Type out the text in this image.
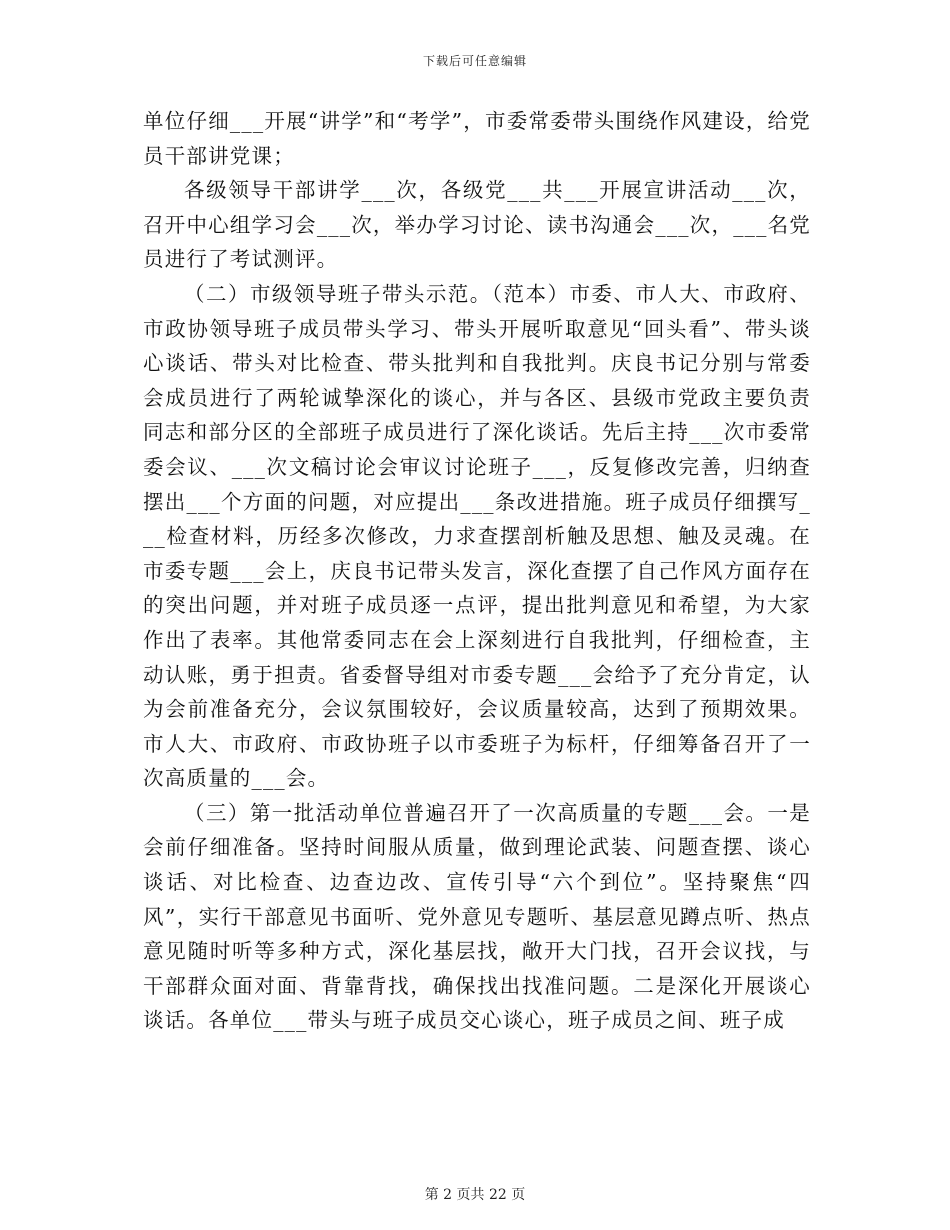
下载后可任意编辑

单位仔细___开展“讲学”和“考学”，市委常委带头围绕作风建设，给党员干部讲党课；

各级领导干部讲学___次，各级党___共___开展宣讲活动___次，召开中心组学习会___次，举办学习讨论、读书沟通会___次，___名党员进行了考试测评。

（二）市级领导班子带头示范。（范本）市委、市人大、市政府、市政协领导班子成员带头学习、带头开展听取意见“回头看”、带头谈心谈话、带头对比检查、带头批判和自我批判。庆良书记分别与常委会成员进行了两轮诚挚深化的谈心，并与各区、县级市党政主要负责同志和部分区的全部班子成员进行了深化谈话。先后主持___次市委常委会议、___次文稿讨论会审议讨论班子___，反复修改完善，归纳查摆出___个方面的问题，对应提出___条改进措施。班子成员仔细撰写___检查材料，历经多次修改，力求查摆剖析触及思想、触及灵魂。在市委专题___会上，庆良书记带头发言，深化查摆了自己作风方面存在的突出问题，并对班子成员逐一点评，提出批判意见和希望，为大家作出了表率。其他常委同志在会上深刻进行自我批判，仔细检查，主动认账，勇于担责。省委督导组对市委专题___会给予了充分肯定，认为会前准备充分，会议氛围较好，会议质量较高，达到了预期效果。市人大、市政府、市政协班子以市委班子为标杆，仔细筹备召开了一次高质量的___会。

（三）第一批活动单位普遍召开了一次高质量的专题___会。一是会前仔细准备。坚持时间服从质量，做到理论武装、问题查摆、谈心谈话、对比检查、边查边改、宣传引导“六个到位”。坚持聚焦“四风”，实行干部意见书面听、党外意见专题听、基层意见蹲点听、热点意见随时听等多种方式，深化基层找，敞开大门找，召开会议找，与干部群众面对面、背靠背找，确保找出找准问题。二是深化开展谈心谈话。各单位___带头与班子成员交心谈心，班子成员之间、班子成

第 2 页共 22 页
